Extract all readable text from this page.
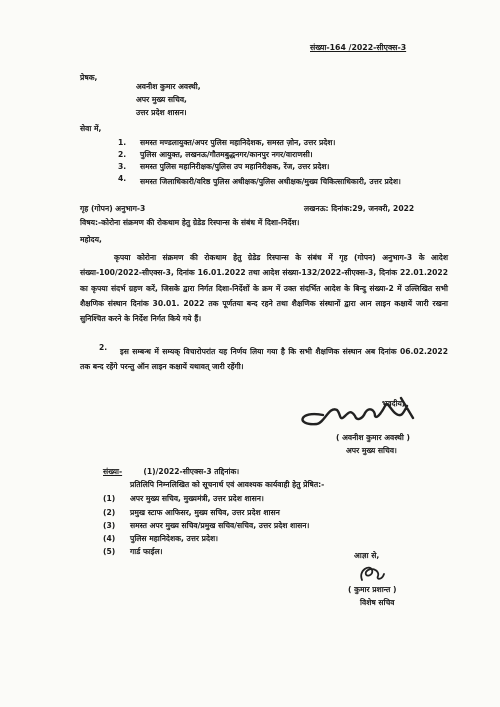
संख्या-164 /2022-सीएक्स-3
प्रेषक,
अवनीश कुमार अवस्थी,
अपर मुख्य सचिव,
उत्तर प्रदेश शासन।
सेवा में,
1. समस्त मण्डलायुक्त/अपर पुलिस महानिदेशक, समस्त ज़ोन, उत्तर प्रदेश।
2. पुलिस आयुक्त, लखनऊ/गौतमबुद्धनगर/कानपुर नगर/वाराणसी।
3. समस्त पुलिस महानिरीक्षक/पुलिस उप महानिरीक्षक, रेंज, उत्तर प्रदेश।
4. समस्त जिलाधिकारी/वरिष्ठ पुलिस अधीक्षक/पुलिस अधीक्षक/मुख्य चिकित्साधिकारी, उत्तर प्रदेश।
गृह (गोपन) अनुभाग-3	लखनऊ: दिनांक:29, जनवरी, 2022
विषय:-कोरोना संक्रमण की रोकथाम हेतु ग्रेडेड रिस्पान्स के संबंध में दिशा-निर्देश।
महोदय,
कृपया कोरोना संक्रमण की रोकथाम हेतु ग्रेडेड रिस्पान्स के संबंध में गृह (गोपन) अनुभाग-3 के आदेश संख्या-100/2022-सीएक्स-3, दिनांक 16.01.2022 तथा आदेश संख्या-132/2022-सीएक्स-3, दिनांक 22.01.2022 का कृपया संदर्भ ग्रहण करें, जिसके द्वारा निर्गत दिशा-निर्देशों के क्रम में उक्त संदर्भित आदेश के बिन्दु संख्या-2 में उल्लिखित सभी शैक्षणिक संस्थान दिनांक 30.01. 2022 तक पूर्णतया बन्द रहने तथा शैक्षणिक संस्थानों द्वारा आन लाइन कक्षायें जारी रखना सुनिश्चित करने के निर्देश निर्गत किये गये हैं।
2.	इस सम्बन्ध में सम्यक् विचारोपरांत यह निर्णय लिया गया है कि सभी शैक्षणिक संस्थान अब दिनांक 06.02.2022 तक बन्द रहेंगे परन्तु ऑन लाइन कक्षायें यथावत् जारी रहेंगी।
भवदीय,
( अवनीश कुमार अवस्थी )
अपर मुख्य सचिव।
संख्या-	(1)/2022-सीएक्स-3 तद्दिनांक।
प्रतिलिपि निम्नलिखित को सूचनार्थ एवं आवश्यक कार्यवाही हेतु प्रेषित:-
(1) अपर मुख्य सचिव, मुख्यमंत्री, उत्तर प्रदेश शासन।
(2) प्रमुख स्टाफ आफिसर, मुख्य सचिव, उत्तर प्रदेश शासन
(3) समस्त अपर मुख्य सचिव/प्रमुख सचिव/सचिव, उत्तर प्रदेश शासन।
(4) पुलिस महानिदेशक, उत्तर प्रदेश।
(5) गार्ड फाईल।	आज्ञा से,
( कुमार प्रशान्त )
विशेष सचिव
